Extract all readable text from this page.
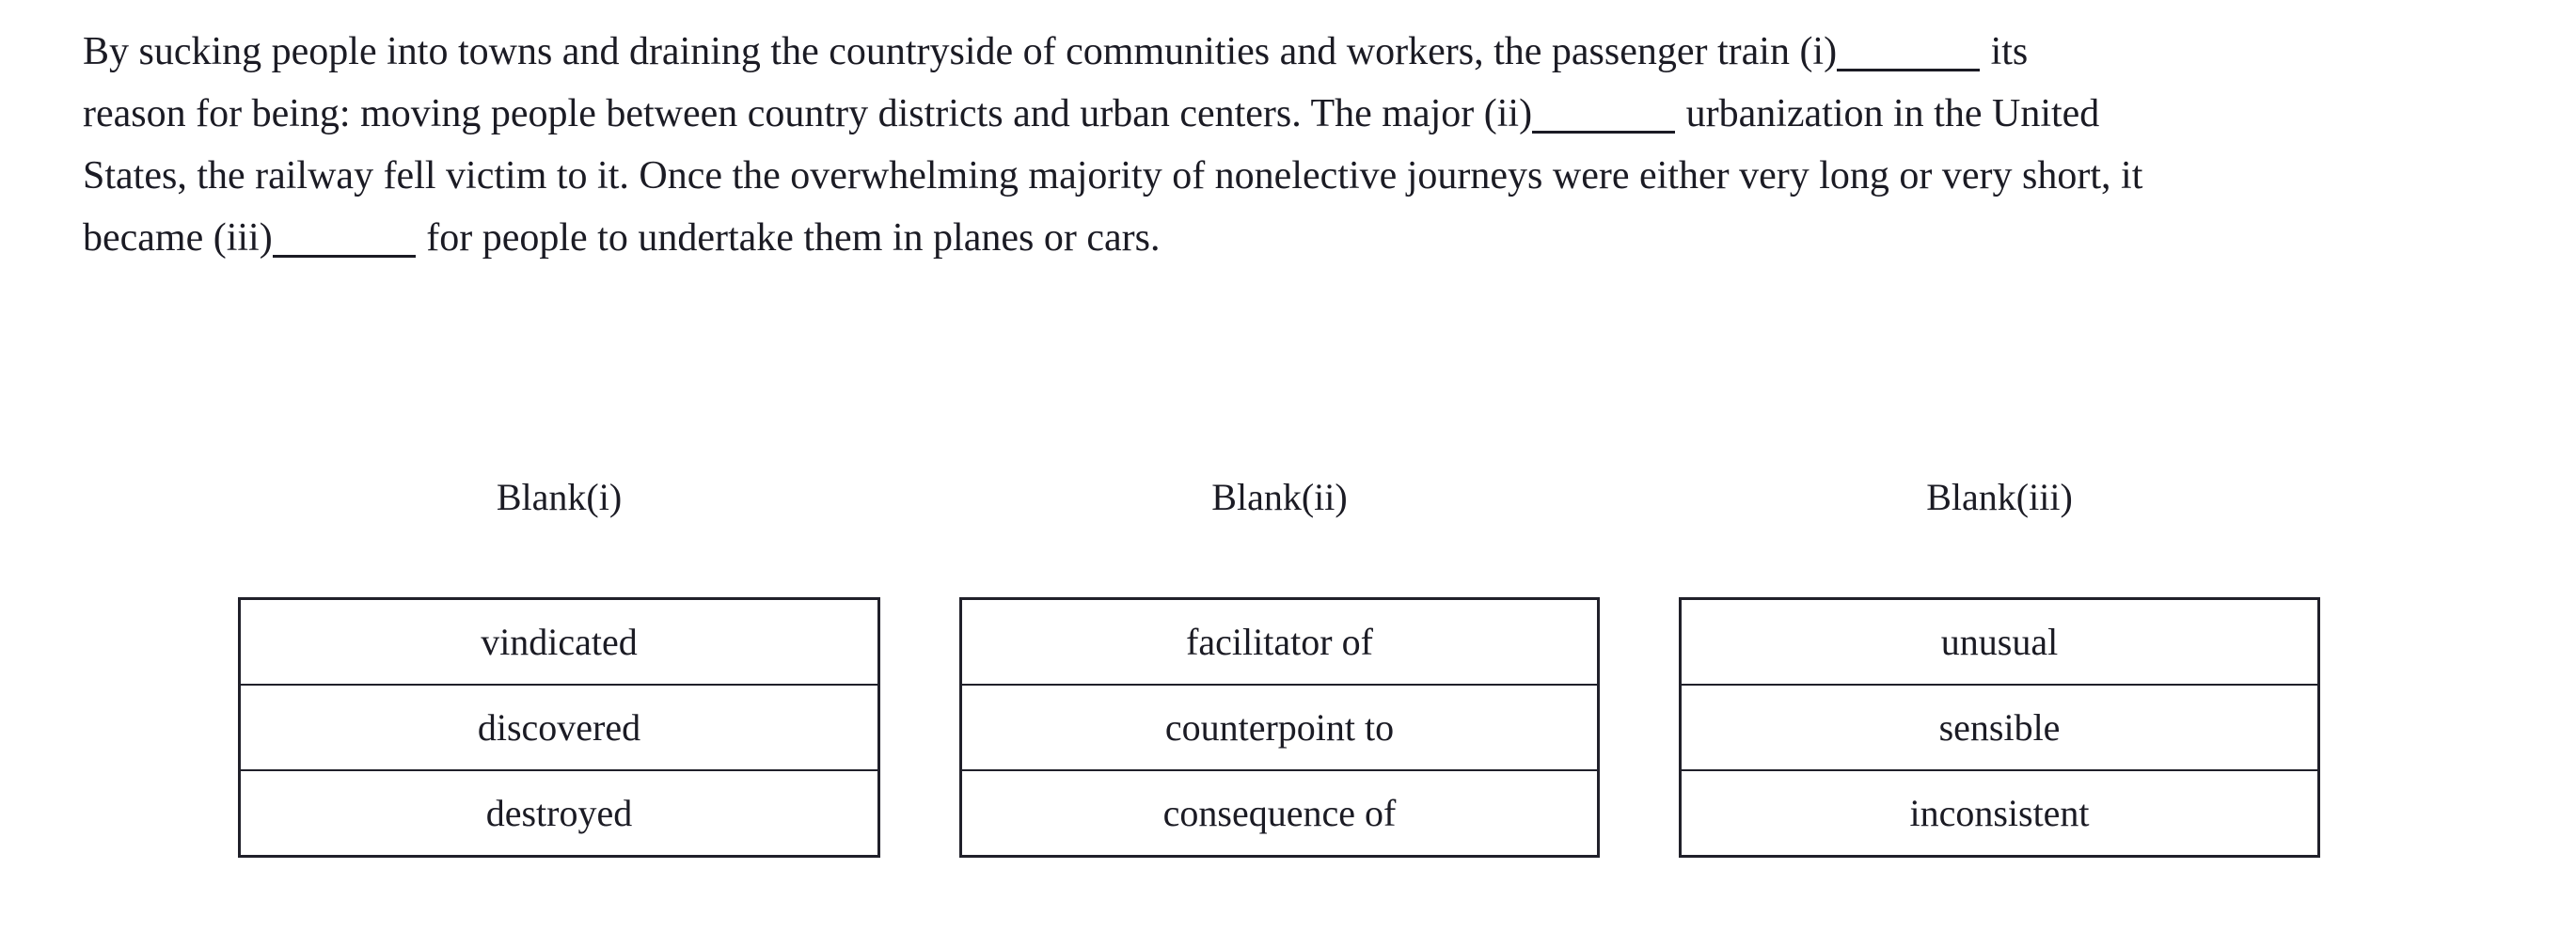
By sucking people into towns and draining the countryside of communities and workers, the passenger train (i)	its
reason for being: moving people between country districts and urban centers. The major (ii)	urbanization in the United
States, the railway fell victim to it. Once the overwhelming majority of nonelective journeys were either very long or very short, it
became (iii)	for people to undertake them in planes or cars.
Blank(i)
vindicated
discovered
destroyed
Blank(ii)
facilitator of
counterpoint to
consequence of
Blank(iii)
unusual
sensible
inconsistent
